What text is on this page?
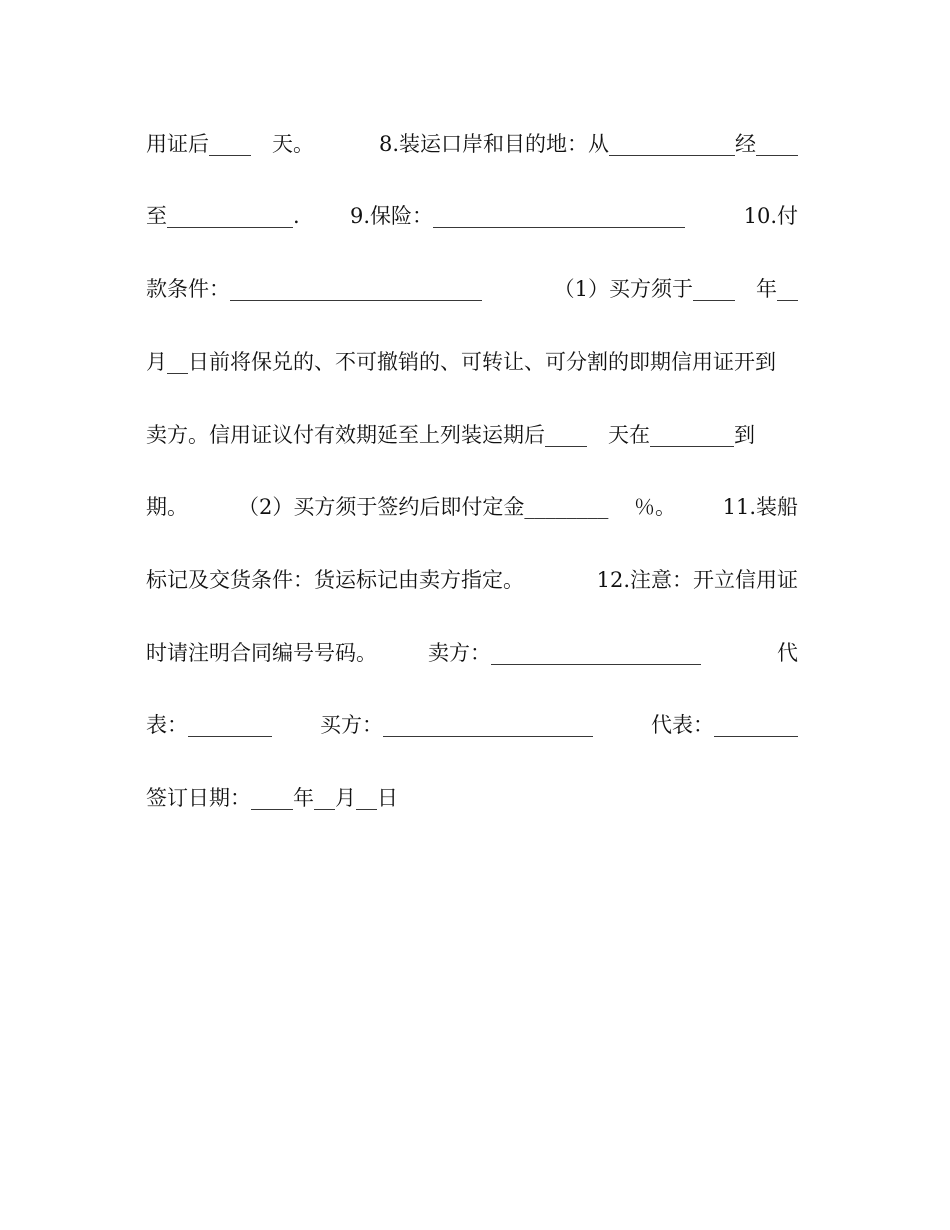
用证后____　天。	8.装运口岸和目的地：从____________经____
至____________. 9.保险：________________________	10.付
款条件：________________________	（1）买方须于____　年__
月__日前将保兑的、不可撤销的、可转让、可分割的即期信用证开到
卖方。信用证议付有效期延至上列装运期后____　天在________到
期。 （2）买方须于签约后即付定金________ ％。 11.装船
标记及交货条件：货运标记由卖方指定。	12.注意：开立信用证
时请注明合同编号号码。 卖方：____________________	代
表：________ 买方：____________________	代表：________
签订日期：____年__月__日
